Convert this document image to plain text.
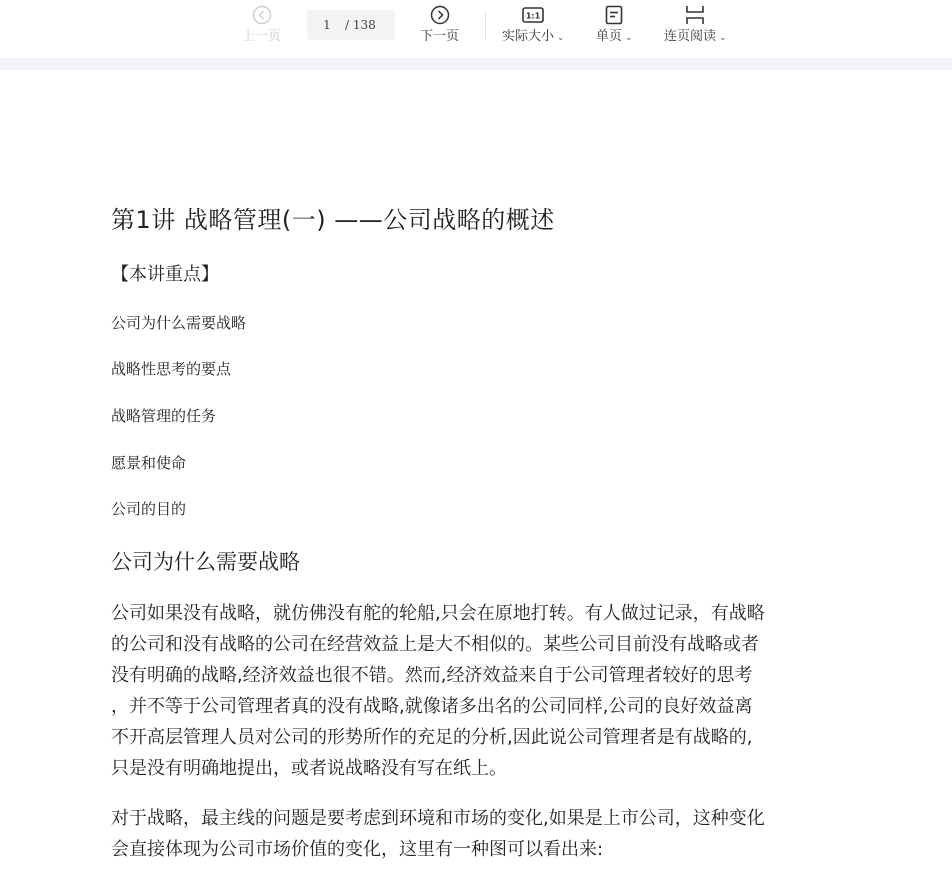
上一页
1
/ 138
下一页
1:1
实际大小 ⌄ 单页 ⌄ 连页阅读 ⌄
第1讲 战略管理(一) ——公司战略的概述
【本讲重点】
公司为什么需要战略
战略性思考的要点
战略管理的任务
愿景和使命
公司的目的
公司为什么需要战略
公司如果没有战略，就仿佛没有舵的轮船,只会在原地打转。有人做过记录，有战略
的公司和没有战略的公司在经营效益上是大不相似的。某些公司目前没有战略或者
没有明确的战略,经济效益也很不错。然而,经济效益来自于公司管理者较好的思考
，并不等于公司管理者真的没有战略,就像诸多出名的公司同样,公司的良好效益离
不开高层管理人员对公司的形势所作的充足的分析,因此说公司管理者是有战略的,
只是没有明确地提出，或者说战略没有写在纸上。
对于战略，最主线的问题是要考虑到环境和市场的变化,如果是上市公司，这种变化
会直接体现为公司市场价值的变化，这里有一种图可以看出来:
